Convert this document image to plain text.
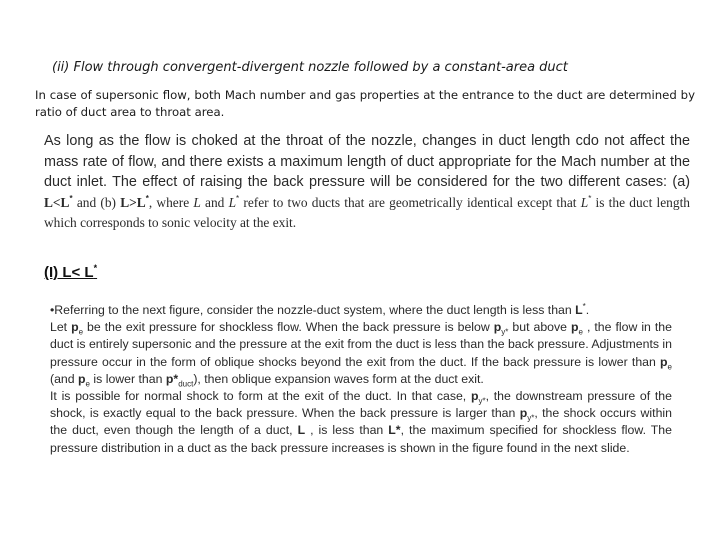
(ii) Flow through convergent-divergent nozzle followed by a constant-area duct
In case of supersonic flow, both Mach number and gas properties at the entrance to the duct are determined by ratio of duct area to throat area.
As long as the flow is choked at the throat of the nozzle, changes in duct length cdo not affect the mass rate of flow, and there exists a maximum length of duct appropriate for the Mach number at the duct inlet. The effect of raising the back pressure will be considered for the two different cases: (a) L<L* and (b) L>L*, where L and L* refer to two ducts that are geometrically identical except that L* is the duct length which corresponds to sonic velocity at the exit.
(I) L< L*
•Referring to the next figure, consider the nozzle-duct system, where the duct length is less than L*.
Let $p_e$ be the exit pressure for shockless flow. When the back pressure is below $p_{y*}$ but above $p_e$ , the flow in the duct is entirely supersonic and the pressure at the exit from the duct is less than the back pressure. Adjustments in pressure occur in the form of oblique shocks beyond the exit from the duct. If the back pressure is lower than $p_e$ (and $p_e$ is lower than $p*_{duct}$), then oblique expansion waves form at the duct exit.
It is possible for normal shock to form at the exit of the duct. In that case, $p_{y*}$, the downstream pressure of the shock, is exactly equal to the back pressure. When the back pressure is larger than $p_{y*}$, the shock occurs within the duct, even though the length of a duct, L , is less than L*, the maximum specified for shockless flow. The pressure distribution in a duct as the back pressure increases is shown in the figure found in the next slide.
